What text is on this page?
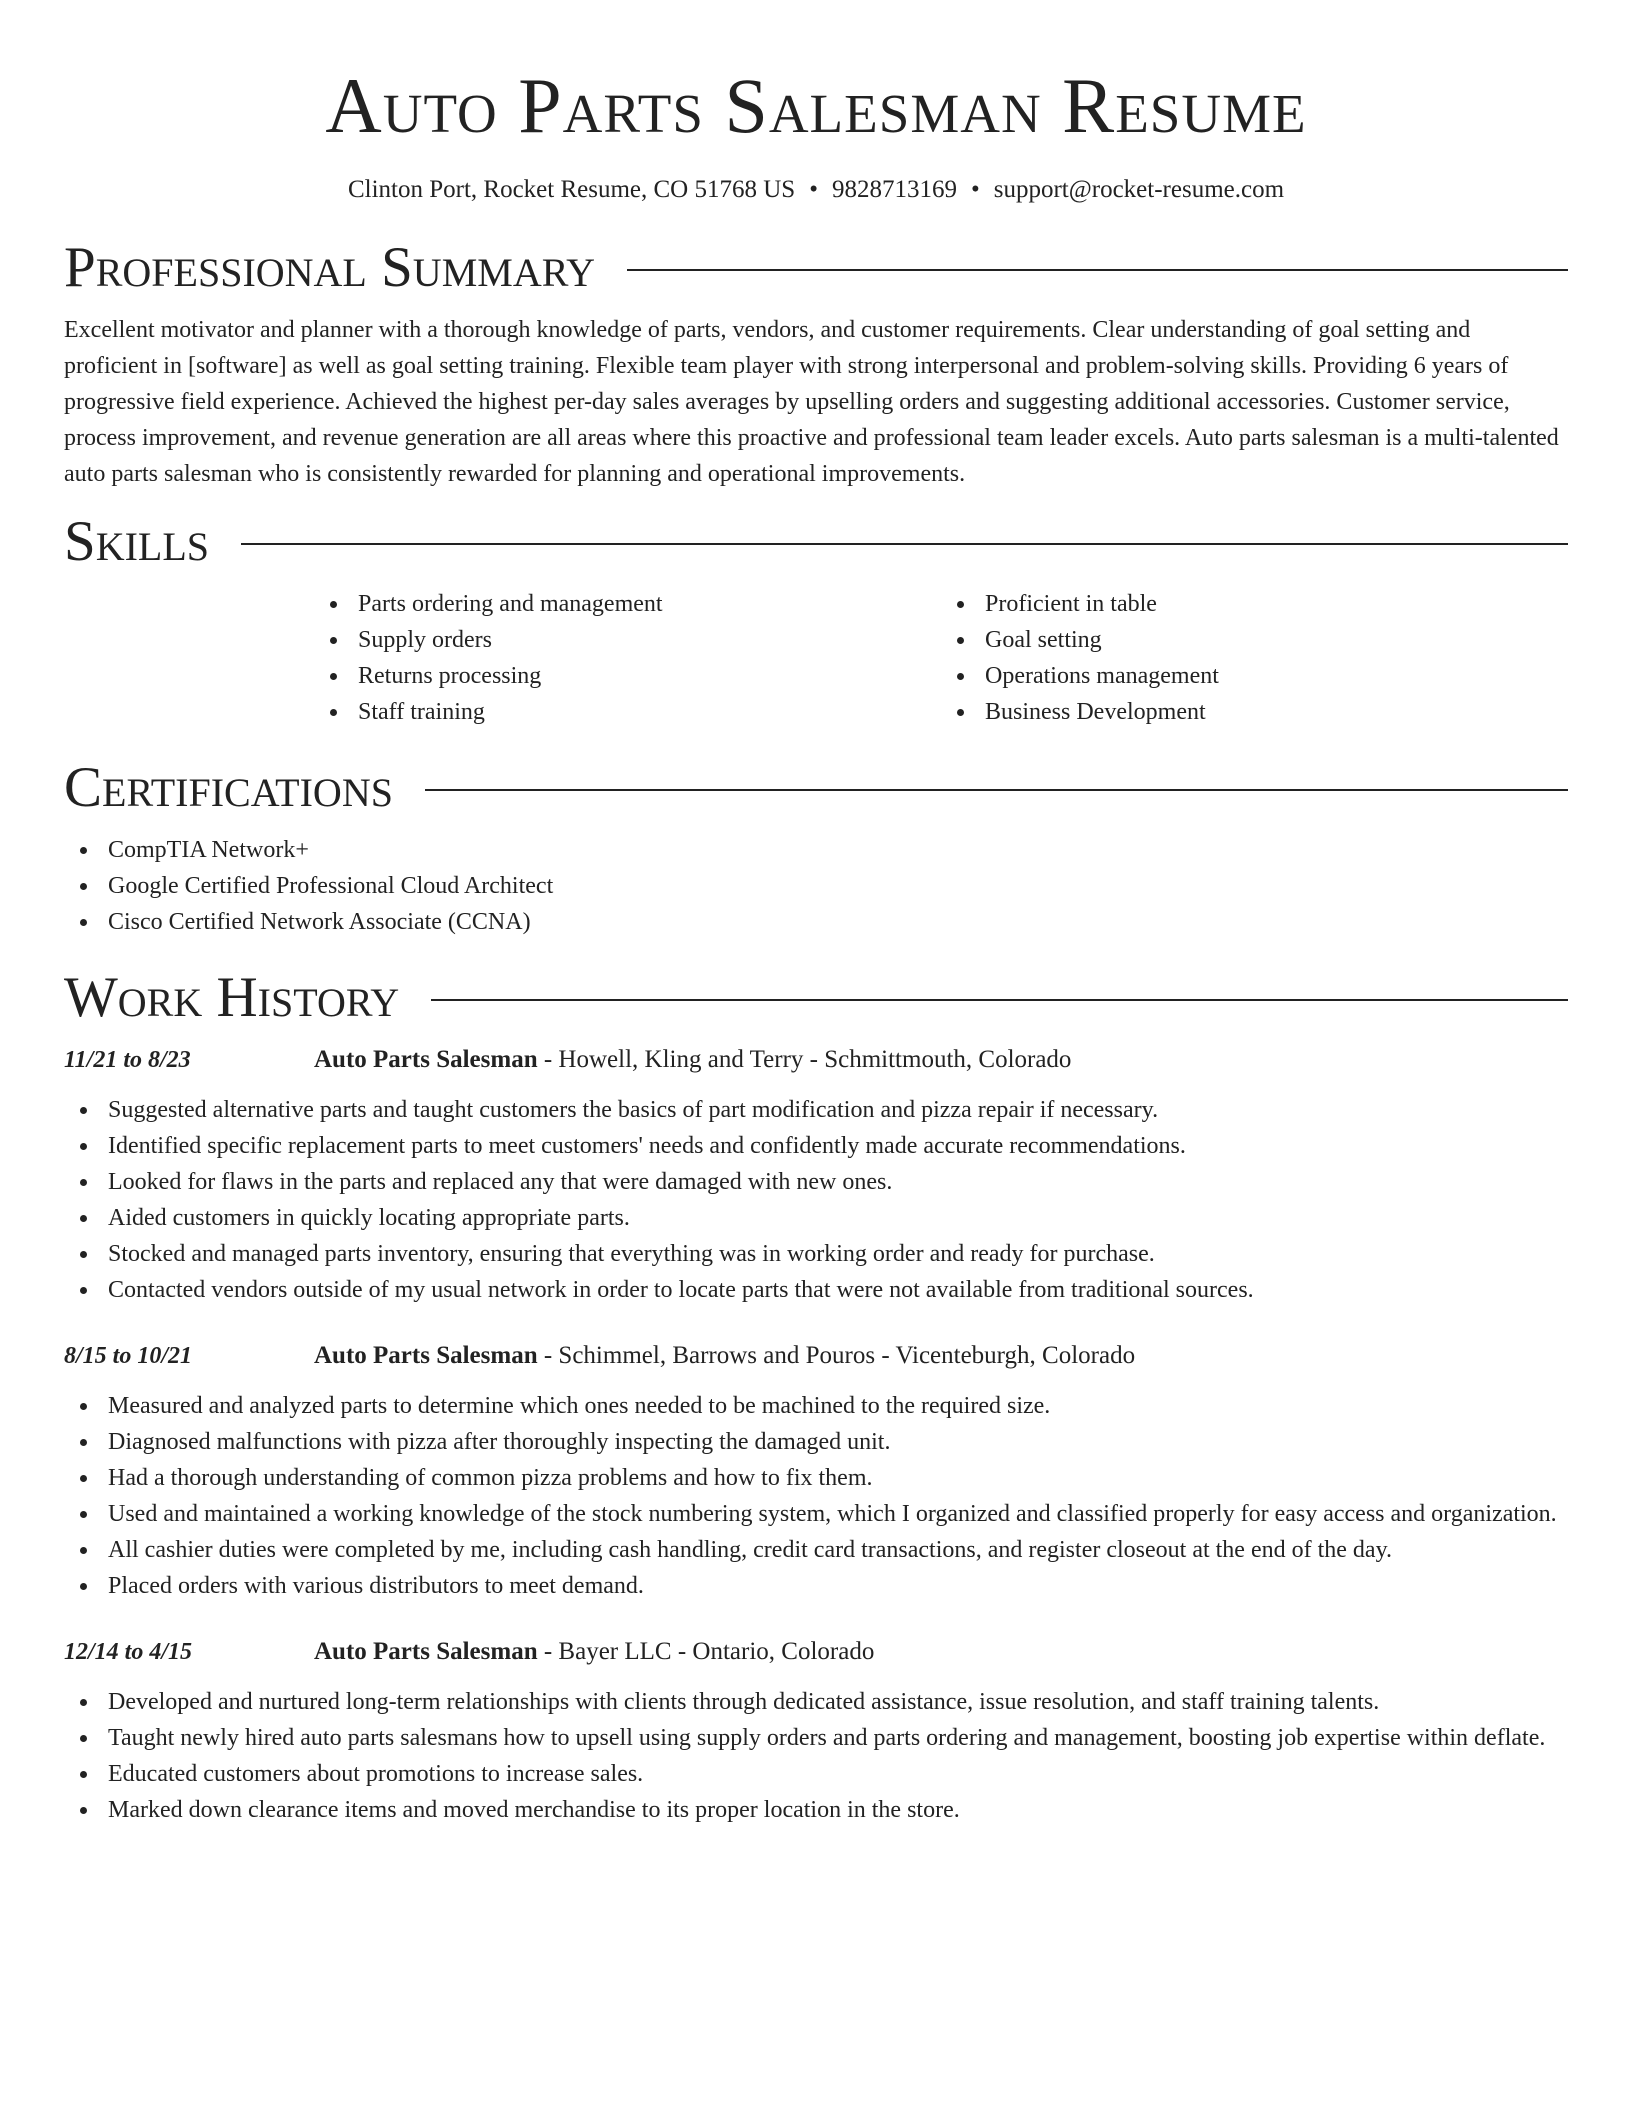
Auto Parts Salesman Resume
Clinton Port, Rocket Resume, CO 51768 US • 9828713169 • support@rocket-resume.com
Professional Summary

Excellent motivator and planner with a thorough knowledge of parts, vendors, and customer requirements. Clear understanding of goal setting and proficient in [software] as well as goal setting training. Flexible team player with strong interpersonal and problem-solving skills. Providing 6 years of progressive field experience. Achieved the highest per-day sales averages by upselling orders and suggesting additional accessories. Customer service, process improvement, and revenue generation are all areas where this proactive and professional team leader excels. Auto parts salesman is a multi-talented auto parts salesman who is consistently rewarded for planning and operational improvements.

Skills
Parts ordering and management
Supply orders
Returns processing
Staff training
Proficient in table
Goal setting
Operations management
Business Development
Certifications
CompTIA Network+
Google Certified Professional Cloud Architect
Cisco Certified Network Associate (CCNA)
Work History
11/21 to 8/23	Auto Parts Salesman - Howell, Kling and Terry - Schmittmouth, Colorado
Suggested alternative parts and taught customers the basics of part modification and pizza repair if necessary.
Identified specific replacement parts to meet customers' needs and confidently made accurate recommendations.
Looked for flaws in the parts and replaced any that were damaged with new ones.
Aided customers in quickly locating appropriate parts.
Stocked and managed parts inventory, ensuring that everything was in working order and ready for purchase.
Contacted vendors outside of my usual network in order to locate parts that were not available from traditional sources.
8/15 to 10/21	Auto Parts Salesman - Schimmel, Barrows and Pouros - Vicenteburgh, Colorado
Measured and analyzed parts to determine which ones needed to be machined to the required size.
Diagnosed malfunctions with pizza after thoroughly inspecting the damaged unit.
Had a thorough understanding of common pizza problems and how to fix them.
Used and maintained a working knowledge of the stock numbering system, which I organized and classified properly for easy access and organization.
All cashier duties were completed by me, including cash handling, credit card transactions, and register closeout at the end of the day.
Placed orders with various distributors to meet demand.
12/14 to 4/15	Auto Parts Salesman - Bayer LLC - Ontario, Colorado
Developed and nurtured long-term relationships with clients through dedicated assistance, issue resolution, and staff training talents.
Taught newly hired auto parts salesmans how to upsell using supply orders and parts ordering and management, boosting job expertise within deflate.
Educated customers about promotions to increase sales.
Marked down clearance items and moved merchandise to its proper location in the store.
